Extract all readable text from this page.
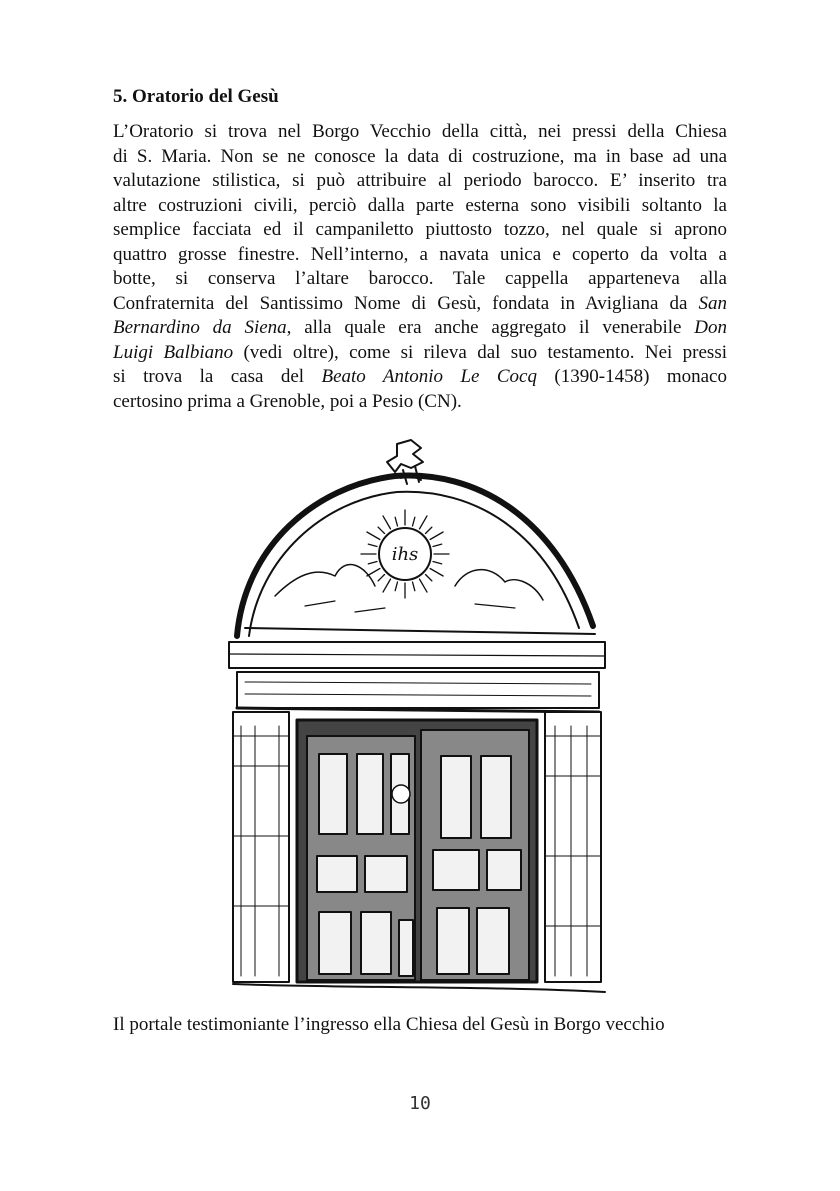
5. Oratorio del Gesù
L’Oratorio si trova nel Borgo Vecchio della città, nei pressi della Chiesa
di S. Maria. Non se ne conosce la data di costruzione, ma in base ad una
valutazione stilistica, si può attribuire al periodo barocco. E’ inserito tra
altre costruzioni civili, perciò dalla parte esterna sono visibili soltanto la
semplice facciata ed il campaniletto piuttosto tozzo, nel quale si aprono
quattro grosse finestre. Nell’interno, a navata unica e coperto da volta a
botte, si conserva l’altare barocco. Tale cappella apparteneva alla
Confraternita del Santissimo Nome di Gesù, fondata in Avigliana da San
Bernardino da Siena, alla quale era anche aggregato il venerabile Don
Luigi Balbiano (vedi oltre), come si rileva dal suo testamento. Nei pressi
si trova la casa del Beato Antonio Le Cocq (1390-1458) monaco
certosino prima a Grenoble, poi a Pesio (CN).
ihs
Il portale testimoniante l’ingresso ella Chiesa del Gesù in Borgo vecchio
10
